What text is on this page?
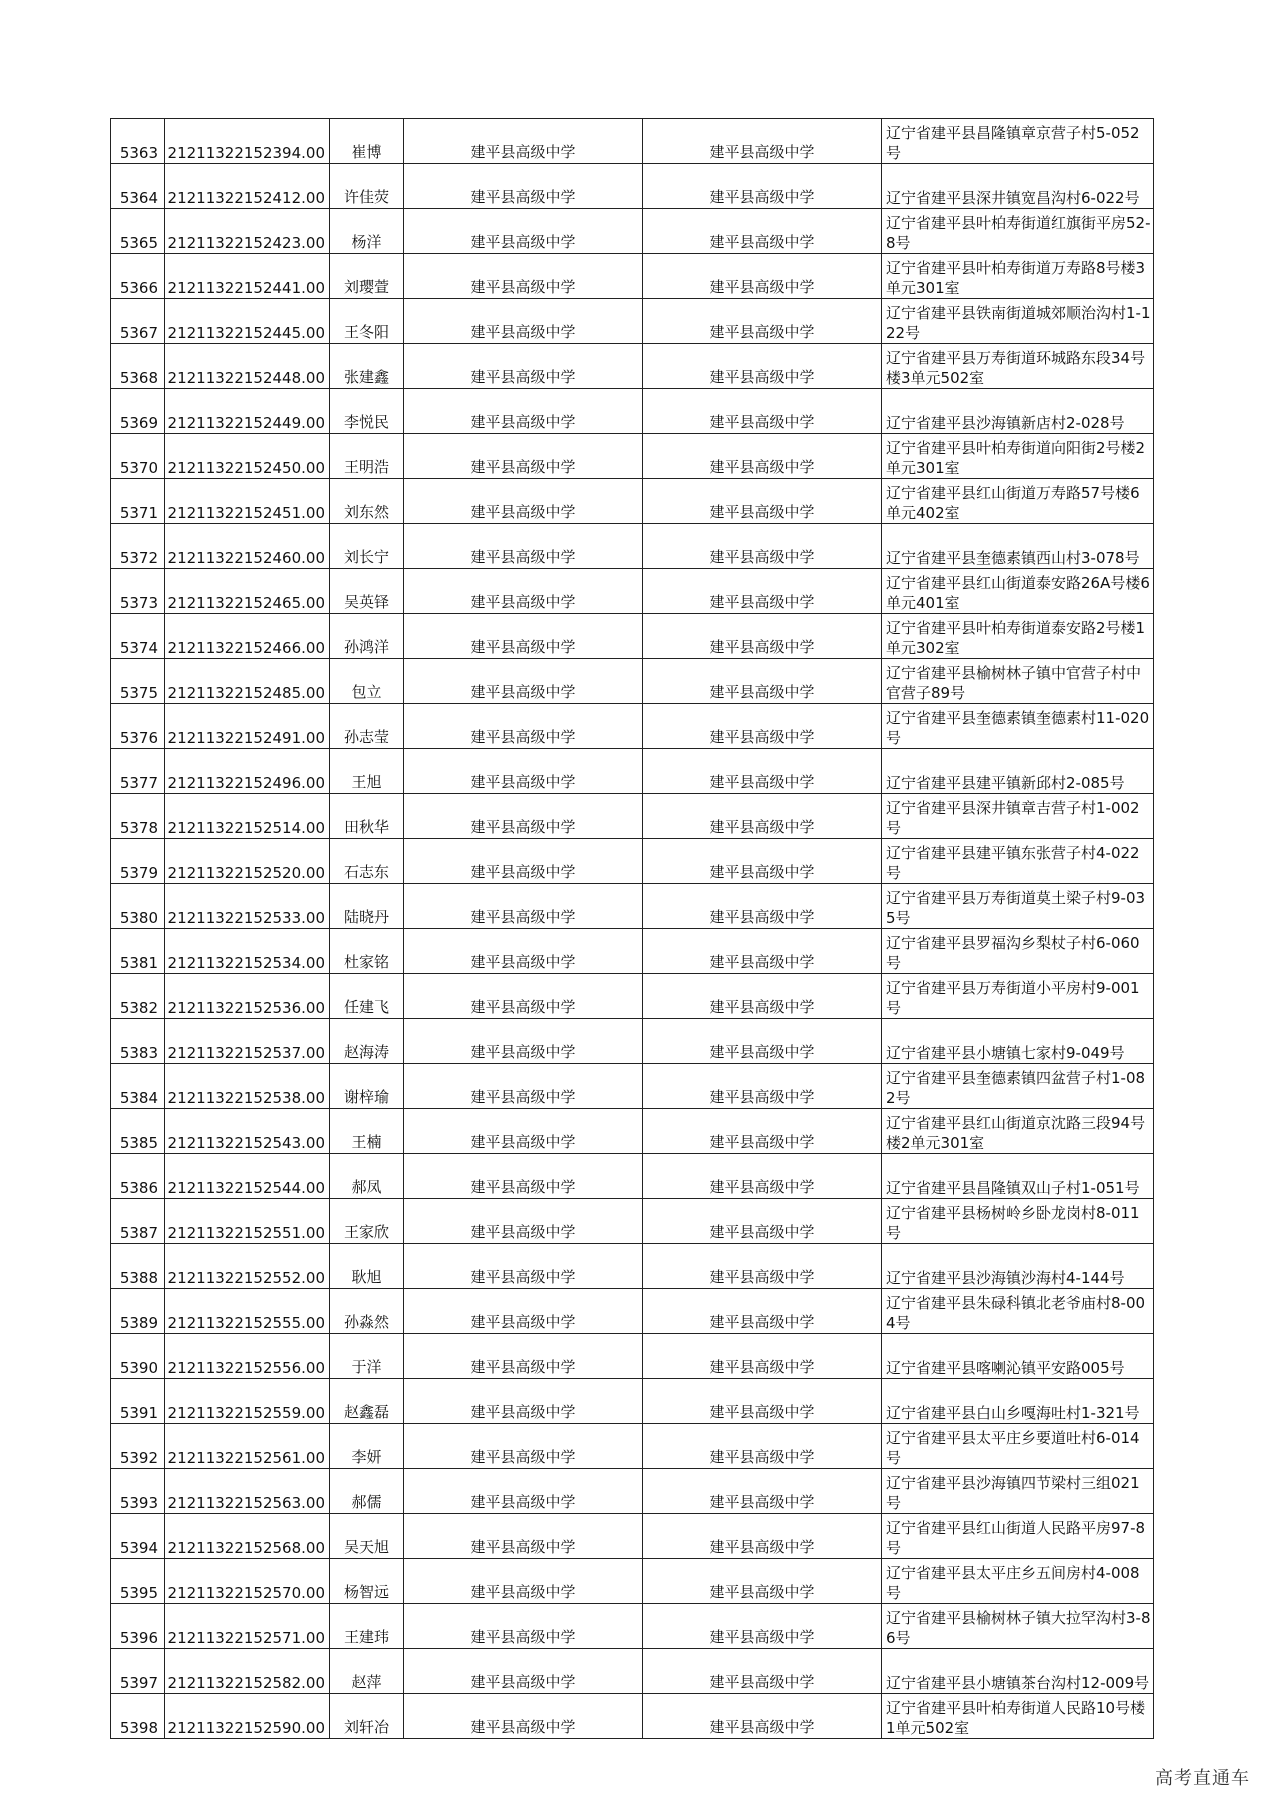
5363	21211322152394.00	崔博	建平县高级中学	建平县高级中学	辽宁省建平县昌隆镇章京营子村5-052号
5364	21211322152412.00	许佳荧	建平县高级中学	建平县高级中学	辽宁省建平县深井镇宽昌沟村6-022号
5365	21211322152423.00	杨洋	建平县高级中学	建平县高级中学	辽宁省建平县叶柏寿街道红旗街平房52-8号
5366	21211322152441.00	刘璎萱	建平县高级中学	建平县高级中学	辽宁省建平县叶柏寿街道万寿路8号楼3单元301室
5367	21211322152445.00	王冬阳	建平县高级中学	建平县高级中学	辽宁省建平县铁南街道城郊顺治沟村1-122号
5368	21211322152448.00	张建鑫	建平县高级中学	建平县高级中学	辽宁省建平县万寿街道环城路东段34号楼3单元502室
5369	21211322152449.00	李悦民	建平县高级中学	建平县高级中学	辽宁省建平县沙海镇新店村2-028号
5370	21211322152450.00	王明浩	建平县高级中学	建平县高级中学	辽宁省建平县叶柏寿街道向阳街2号楼2单元301室
5371	21211322152451.00	刘东然	建平县高级中学	建平县高级中学	辽宁省建平县红山街道万寿路57号楼6单元402室
5372	21211322152460.00	刘长宁	建平县高级中学	建平县高级中学	辽宁省建平县奎德素镇西山村3-078号
5373	21211322152465.00	吴英铎	建平县高级中学	建平县高级中学	辽宁省建平县红山街道泰安路26A号楼6单元401室
5374	21211322152466.00	孙鸿洋	建平县高级中学	建平县高级中学	辽宁省建平县叶柏寿街道泰安路2号楼1单元302室
5375	21211322152485.00	包立	建平县高级中学	建平县高级中学	辽宁省建平县榆树林子镇中官营子村中官营子89号
5376	21211322152491.00	孙志莹	建平县高级中学	建平县高级中学	辽宁省建平县奎德素镇奎德素村11-020号
5377	21211322152496.00	王旭	建平县高级中学	建平县高级中学	辽宁省建平县建平镇新邱村2-085号
5378	21211322152514.00	田秋华	建平县高级中学	建平县高级中学	辽宁省建平县深井镇章吉营子村1-002号
5379	21211322152520.00	石志东	建平县高级中学	建平县高级中学	辽宁省建平县建平镇东张营子村4-022号
5380	21211322152533.00	陆晓丹	建平县高级中学	建平县高级中学	辽宁省建平县万寿街道莫土梁子村9-035号
5381	21211322152534.00	杜家铭	建平县高级中学	建平县高级中学	辽宁省建平县罗福沟乡梨杖子村6-060号
5382	21211322152536.00	任建飞	建平县高级中学	建平县高级中学	辽宁省建平县万寿街道小平房村9-001号
5383	21211322152537.00	赵海涛	建平县高级中学	建平县高级中学	辽宁省建平县小塘镇七家村9-049号
5384	21211322152538.00	谢梓瑜	建平县高级中学	建平县高级中学	辽宁省建平县奎德素镇四盆营子村1-082号
5385	21211322152543.00	王楠	建平县高级中学	建平县高级中学	辽宁省建平县红山街道京沈路三段94号楼2单元301室
5386	21211322152544.00	郝凤	建平县高级中学	建平县高级中学	辽宁省建平县昌隆镇双山子村1-051号
5387	21211322152551.00	王家欣	建平县高级中学	建平县高级中学	辽宁省建平县杨树岭乡卧龙岗村8-011号
5388	21211322152552.00	耿旭	建平县高级中学	建平县高级中学	辽宁省建平县沙海镇沙海村4-144号
5389	21211322152555.00	孙淼然	建平县高级中学	建平县高级中学	辽宁省建平县朱碌科镇北老爷庙村8-004号
5390	21211322152556.00	于洋	建平县高级中学	建平县高级中学	辽宁省建平县喀喇沁镇平安路005号
5391	21211322152559.00	赵鑫磊	建平县高级中学	建平县高级中学	辽宁省建平县白山乡嘎海吐村1-321号
5392	21211322152561.00	李妍	建平县高级中学	建平县高级中学	辽宁省建平县太平庄乡要道吐村6-014号
5393	21211322152563.00	郝儒	建平县高级中学	建平县高级中学	辽宁省建平县沙海镇四节梁村三组021号
5394	21211322152568.00	吴天旭	建平县高级中学	建平县高级中学	辽宁省建平县红山街道人民路平房97-8号
5395	21211322152570.00	杨智远	建平县高级中学	建平县高级中学	辽宁省建平县太平庄乡五间房村4-008号
5396	21211322152571.00	王建玮	建平县高级中学	建平县高级中学	辽宁省建平县榆树林子镇大拉罕沟村3-86号
5397	21211322152582.00	赵萍	建平县高级中学	建平县高级中学	辽宁省建平县小塘镇茶台沟村12-009号
5398	21211322152590.00	刘轩冶	建平县高级中学	建平县高级中学	辽宁省建平县叶柏寿街道人民路10号楼1单元502室
高考直通车
